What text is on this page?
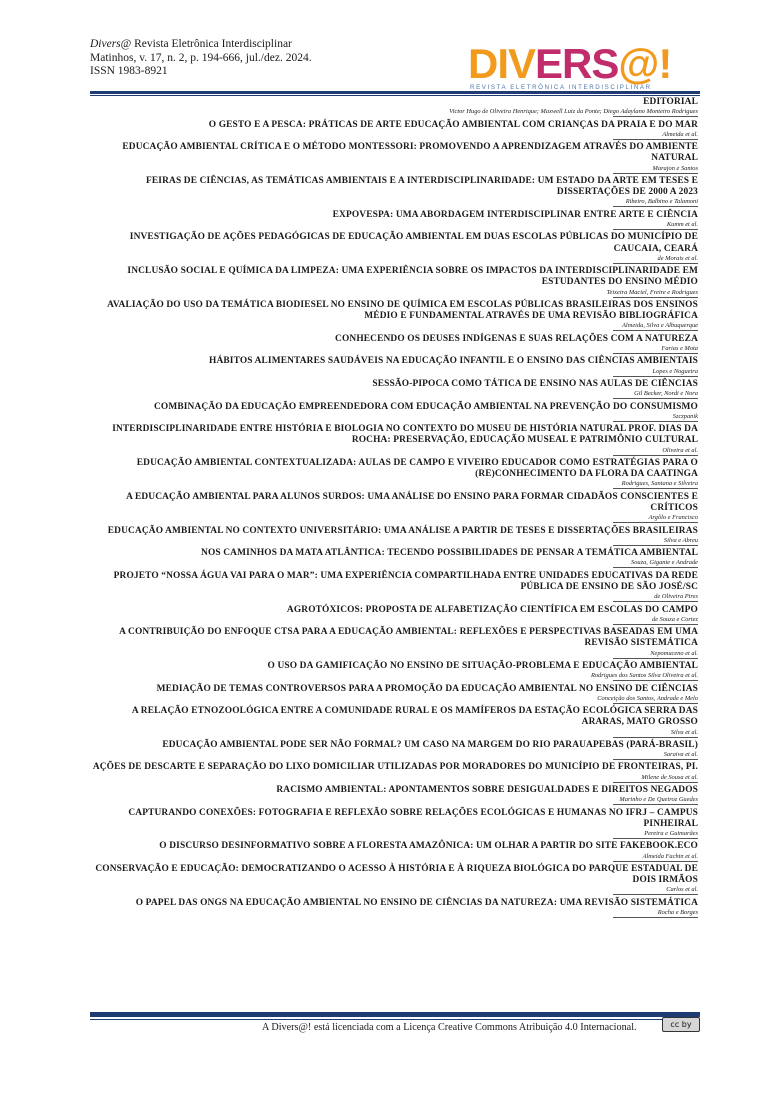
Divers@ Revista Eletrônica Interdisciplinar
Matinhos, v. 17, n. 2, p. 194-666, jul./dez. 2024.
ISSN 1983-8921	DIVERS@!
REVISTA ELETRÔNICA INTERDISCIPLINAR
EDITORIAL
Victor Hugo de Oliveira Henrique; Maxwell Luiz da Ponte; Diego Adaylano Monteiro Rodrigues
O GESTO E A PESCA: PRÁTICAS DE ARTE EDUCAÇÃO AMBIENTAL COM CRIANÇAS DA PRAIA E DO MAR
Almeida et al.
EDUCAÇÃO AMBIENTAL CRÍTICA E O MÉTODO MONTESSORI: PROMOVENDO A APRENDIZAGEM ATRAVÉS DO AMBIENTE NATURAL
Marajon e Santos
FEIRAS DE CIÊNCIAS, AS TEMÁTICAS AMBIENTAIS E A INTERDISCIPLINARIDADE: UM ESTADO DA ARTE EM TESES E DISSERTAÇÕES DE 2000 A 2023
Ribeiro, Balbino e Talamoni
EXPOVESPA: UMA ABORDAGEM INTERDISCIPLINAR ENTRE ARTE E CIÊNCIA
Kumm et al.
INVESTIGAÇÃO DE AÇÕES PEDAGÓGICAS DE EDUCAÇÃO AMBIENTAL EM DUAS ESCOLAS PÚBLICAS DO MUNICÍPIO DE CAUCAIA, CEARÁ
de Morais et al.
INCLUSÃO SOCIAL E QUÍMICA DA LIMPEZA: UMA EXPERIÊNCIA SOBRE OS IMPACTOS DA INTERDISCIPLINARIDADE EM ESTUDANTES DO ENSINO MÉDIO
Teixeira Maciel, Freire e Rodrigues
AVALIAÇÃO DO USO DA TEMÁTICA BIODIESEL NO ENSINO DE QUÍMICA EM ESCOLAS PÚBLICAS BRASILEIRAS DOS ENSINOS MÉDIO E FUNDAMENTAL ATRAVÉS DE UMA REVISÃO BIBLIOGRÁFICA
Almeida, Silva e Albuquerque
CONHECENDO OS DEUSES INDÍGENAS E SUAS RELAÇÕES COM A NATUREZA
Farias e Mota
HÁBITOS ALIMENTARES SAUDÁVEIS NA EDUCAÇÃO INFANTIL E O ENSINO DAS CIÊNCIAS AMBIENTAIS
Lopes e Nogueira
SESSÃO-PIPOCA COMO TÁTICA DE ENSINO NAS AULAS DE CIÊNCIAS
Gil Becker, Nordi e Nora
COMBINAÇÃO DA EDUCAÇÃO EMPREENDEDORA COM EDUCAÇÃO AMBIENTAL NA PREVENÇÃO DO CONSUMISMO
Szczpanik
INTERDISCIPLINARIDADE ENTRE HISTÓRIA E BIOLOGIA NO CONTEXTO DO MUSEU DE HISTÓRIA NATURAL PROF. DIAS DA ROCHA: PRESERVAÇÃO, EDUCAÇÃO MUSEAL E PATRIMÔNIO CULTURAL
Oliveira et al.
EDUCAÇÃO AMBIENTAL CONTEXTUALIZADA: AULAS DE CAMPO E VIVEIRO EDUCADOR COMO ESTRATÉGIAS PARA O (RE)CONHECIMENTO DA FLORA DA CAATINGA
Rodrigues, Santana e Silveira
A EDUCAÇÃO AMBIENTAL PARA ALUNOS SURDOS: UMA ANÁLISE DO ENSINO PARA FORMAR CIDADÃOS CONSCIENTES E CRÍTICOS
Argôlo e Francisco
EDUCAÇÃO AMBIENTAL NO CONTEXTO UNIVERSITÁRIO: UMA ANÁLISE A PARTIR DE TESES E DISSERTAÇÕES BRASILEIRAS
Silva e Abreu
NOS CAMINHOS DA MATA ATLÂNTICA: TECENDO POSSIBILIDADES DE PENSAR A TEMÁTICA AMBIENTAL
Souza, Gigante e Andrade
PROJETO “NOSSA ÁGUA VAI PARA O MAR”: UMA EXPERIÊNCIA COMPARTILHADA ENTRE UNIDADES EDUCATIVAS DA REDE PÚBLICA DE ENSINO DE SÃO JOSÉ/SC
de Oliveira Pires
AGROTÓXICOS: PROPOSTA DE ALFABETIZAÇÃO CIENTÍFICA EM ESCOLAS DO CAMPO
de Souza e Cortez
A CONTRIBUIÇÃO DO ENFOQUE CTSA PARA A EDUCAÇÃO AMBIENTAL: REFLEXÕES E PERSPECTIVAS BASEADAS EM UMA REVISÃO SISTEMÁTICA
Nepomuceno et al.
O USO DA GAMIFICAÇÃO NO ENSINO DE SITUAÇÃO-PROBLEMA E EDUCAÇÃO AMBIENTAL
Rodrigues dos Santos Silva Oliveira et al.
MEDIAÇÃO DE TEMAS CONTROVERSOS PARA A PROMOÇÃO DA EDUCAÇÃO AMBIENTAL NO ENSINO DE CIÊNCIAS
Conceição dos Santos, Andrade e Melo
A RELAÇÃO ETNOZOOLÓGICA ENTRE A COMUNIDADE RURAL E OS MAMÍFEROS DA ESTAÇÃO ECOLÓGICA SERRA DAS ARARAS, MATO GROSSO
Silva et al.
EDUCAÇÃO AMBIENTAL PODE SER NÃO FORMAL? UM CASO NA MARGEM DO RIO PARAUAPEBAS (PARÁ-BRASIL)
Saraiva et al.
AÇÕES DE DESCARTE E SEPARAÇÃO DO LIXO DOMICILIAR UTILIZADAS POR MORADORES DO MUNICÍPIO DE FRONTEIRAS, PI.
Milene de Sousa et al.
RACISMO AMBIENTAL: APONTAMENTOS SOBRE DESIGUALDADES E DIREITOS NEGADOS
Marinho e De Queiroz Guedes
CAPTURANDO CONEXÕES: FOTOGRAFIA E REFLEXÃO SOBRE RELAÇÕES ECOLÓGICAS E HUMANAS NO IFRJ – CAMPUS PINHEIRAL
Pereira e Guimarães
O DISCURSO DESINFORMATIVO SOBRE A FLORESTA AMAZÔNICA: UM OLHAR A PARTIR DO SITE FAKEBOOK.ECO
Almeida Fachin et al.
CONSERVAÇÃO E EDUCAÇÃO: DEMOCRATIZANDO O ACESSO À HISTÓRIA E À RIQUEZA BIOLÓGICA DO PARQUE ESTADUAL DE DOIS IRMÃOS
Carlos et al.
O PAPEL DAS ONGS NA EDUCAÇÃO AMBIENTAL NO ENSINO DE CIÊNCIAS DA NATUREZA: UMA REVISÃO SISTEMÁTICA
Rocha e Borges
A Divers@! está licenciada com a Licença Creative Commons Atribuição 4.0 Internacional.	cc by
